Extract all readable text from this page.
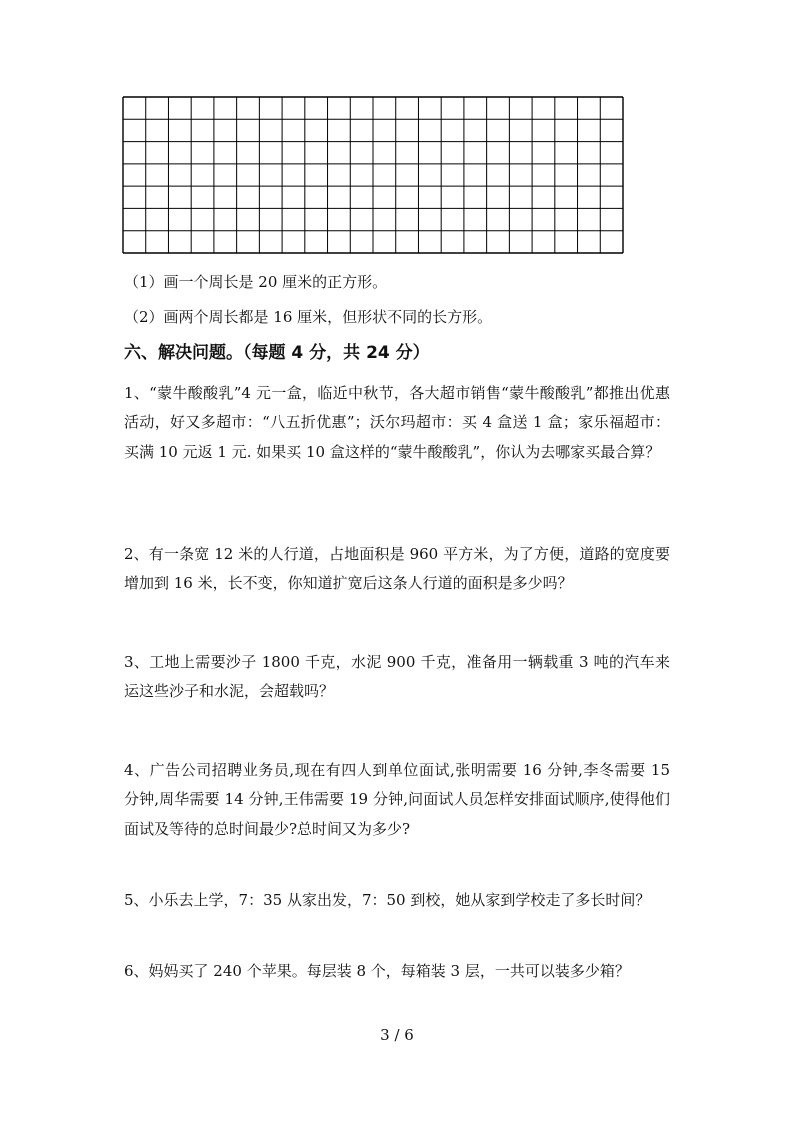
（1）画一个周长是 20 厘米的正方形。
（2）画两个周长都是 16 厘米，但形状不同的长方形。
六、解决问题。（每题 4 分，共 24 分）
1、“蒙牛酸酸乳”4 元一盒，临近中秋节，各大超市销售“蒙牛酸酸乳”都推出优惠活动，好又多超市：“八五折优惠”；沃尔玛超市：买 4 盒送 1 盒；家乐福超市：买满 10 元返 1 元. 如果买 10 盒这样的“蒙牛酸酸乳”，你认为去哪家买最合算？
2、有一条宽 12 米的人行道，占地面积是 960 平方米，为了方便，道路的宽度要增加到 16 米，长不变，你知道扩宽后这条人行道的面积是多少吗？
3、工地上需要沙子 1800 千克，水泥 900 千克，准备用一辆载重 3 吨的汽车来运这些沙子和水泥，会超载吗？
4、广告公司招聘业务员,现在有四人到单位面试,张明需要 16 分钟,李冬需要 15 分钟,周华需要 14 分钟,王伟需要 19 分钟,问面试人员怎样安排面试顺序,使得他们面试及等待的总时间最少?总时间又为多少?
5、小乐去上学，7：35 从家出发，7：50 到校，她从家到学校走了多长时间？
6、妈妈买了 240 个苹果。每层装 8 个，每箱装 3 层，一共可以装多少箱？
3 / 6
